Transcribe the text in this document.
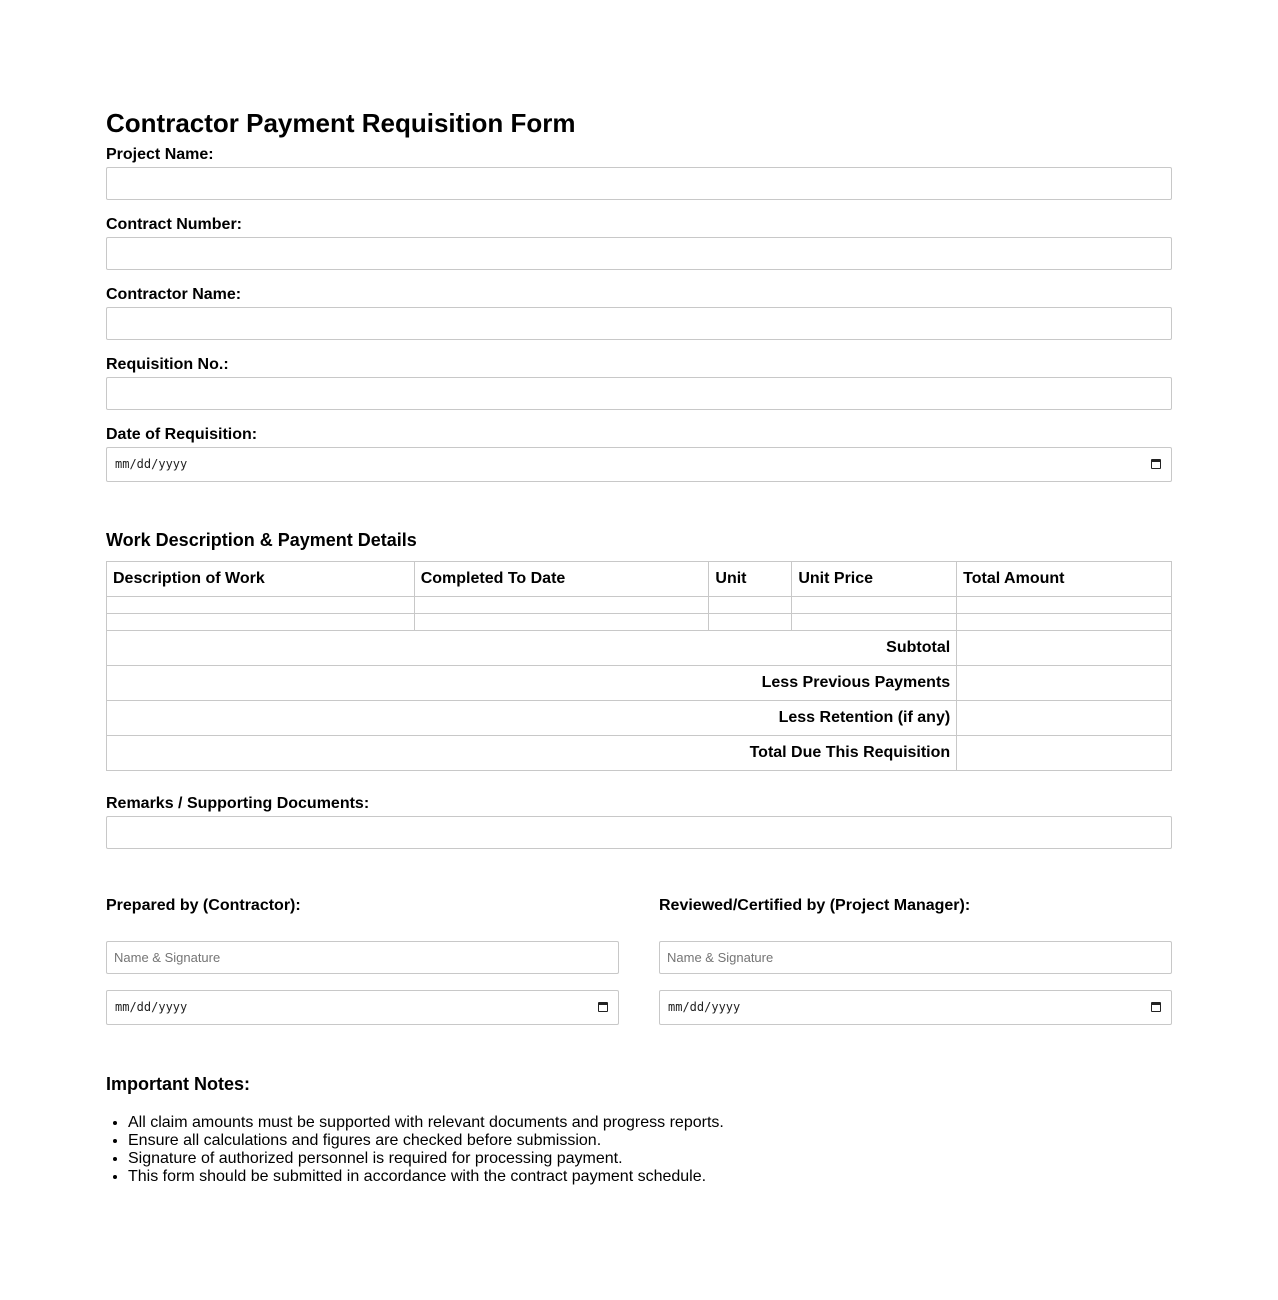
Contractor Payment Requisition Form
Project Name:
Contract Number:
Contractor Name:
Requisition No.:
Date of Requisition:
mm/dd/yyyy
Work Description & Payment Details
Description of Work	Completed To Date	Unit	Unit Price	Total Amount

Subtotal				
Less Previous Payments				
Less Retention (if any)				
Total Due This Requisition				
Remarks / Supporting Documents:
Prepared by (Contractor):
Name & Signature
mm/dd/yyyy
Reviewed/Certified by (Project Manager):
Name & Signature
mm/dd/yyyy
Important Notes:
• All claim amounts must be supported with relevant documents and progress reports.
• Ensure all calculations and figures are checked before submission.
• Signature of authorized personnel is required for processing payment.
• This form should be submitted in accordance with the contract payment schedule.
